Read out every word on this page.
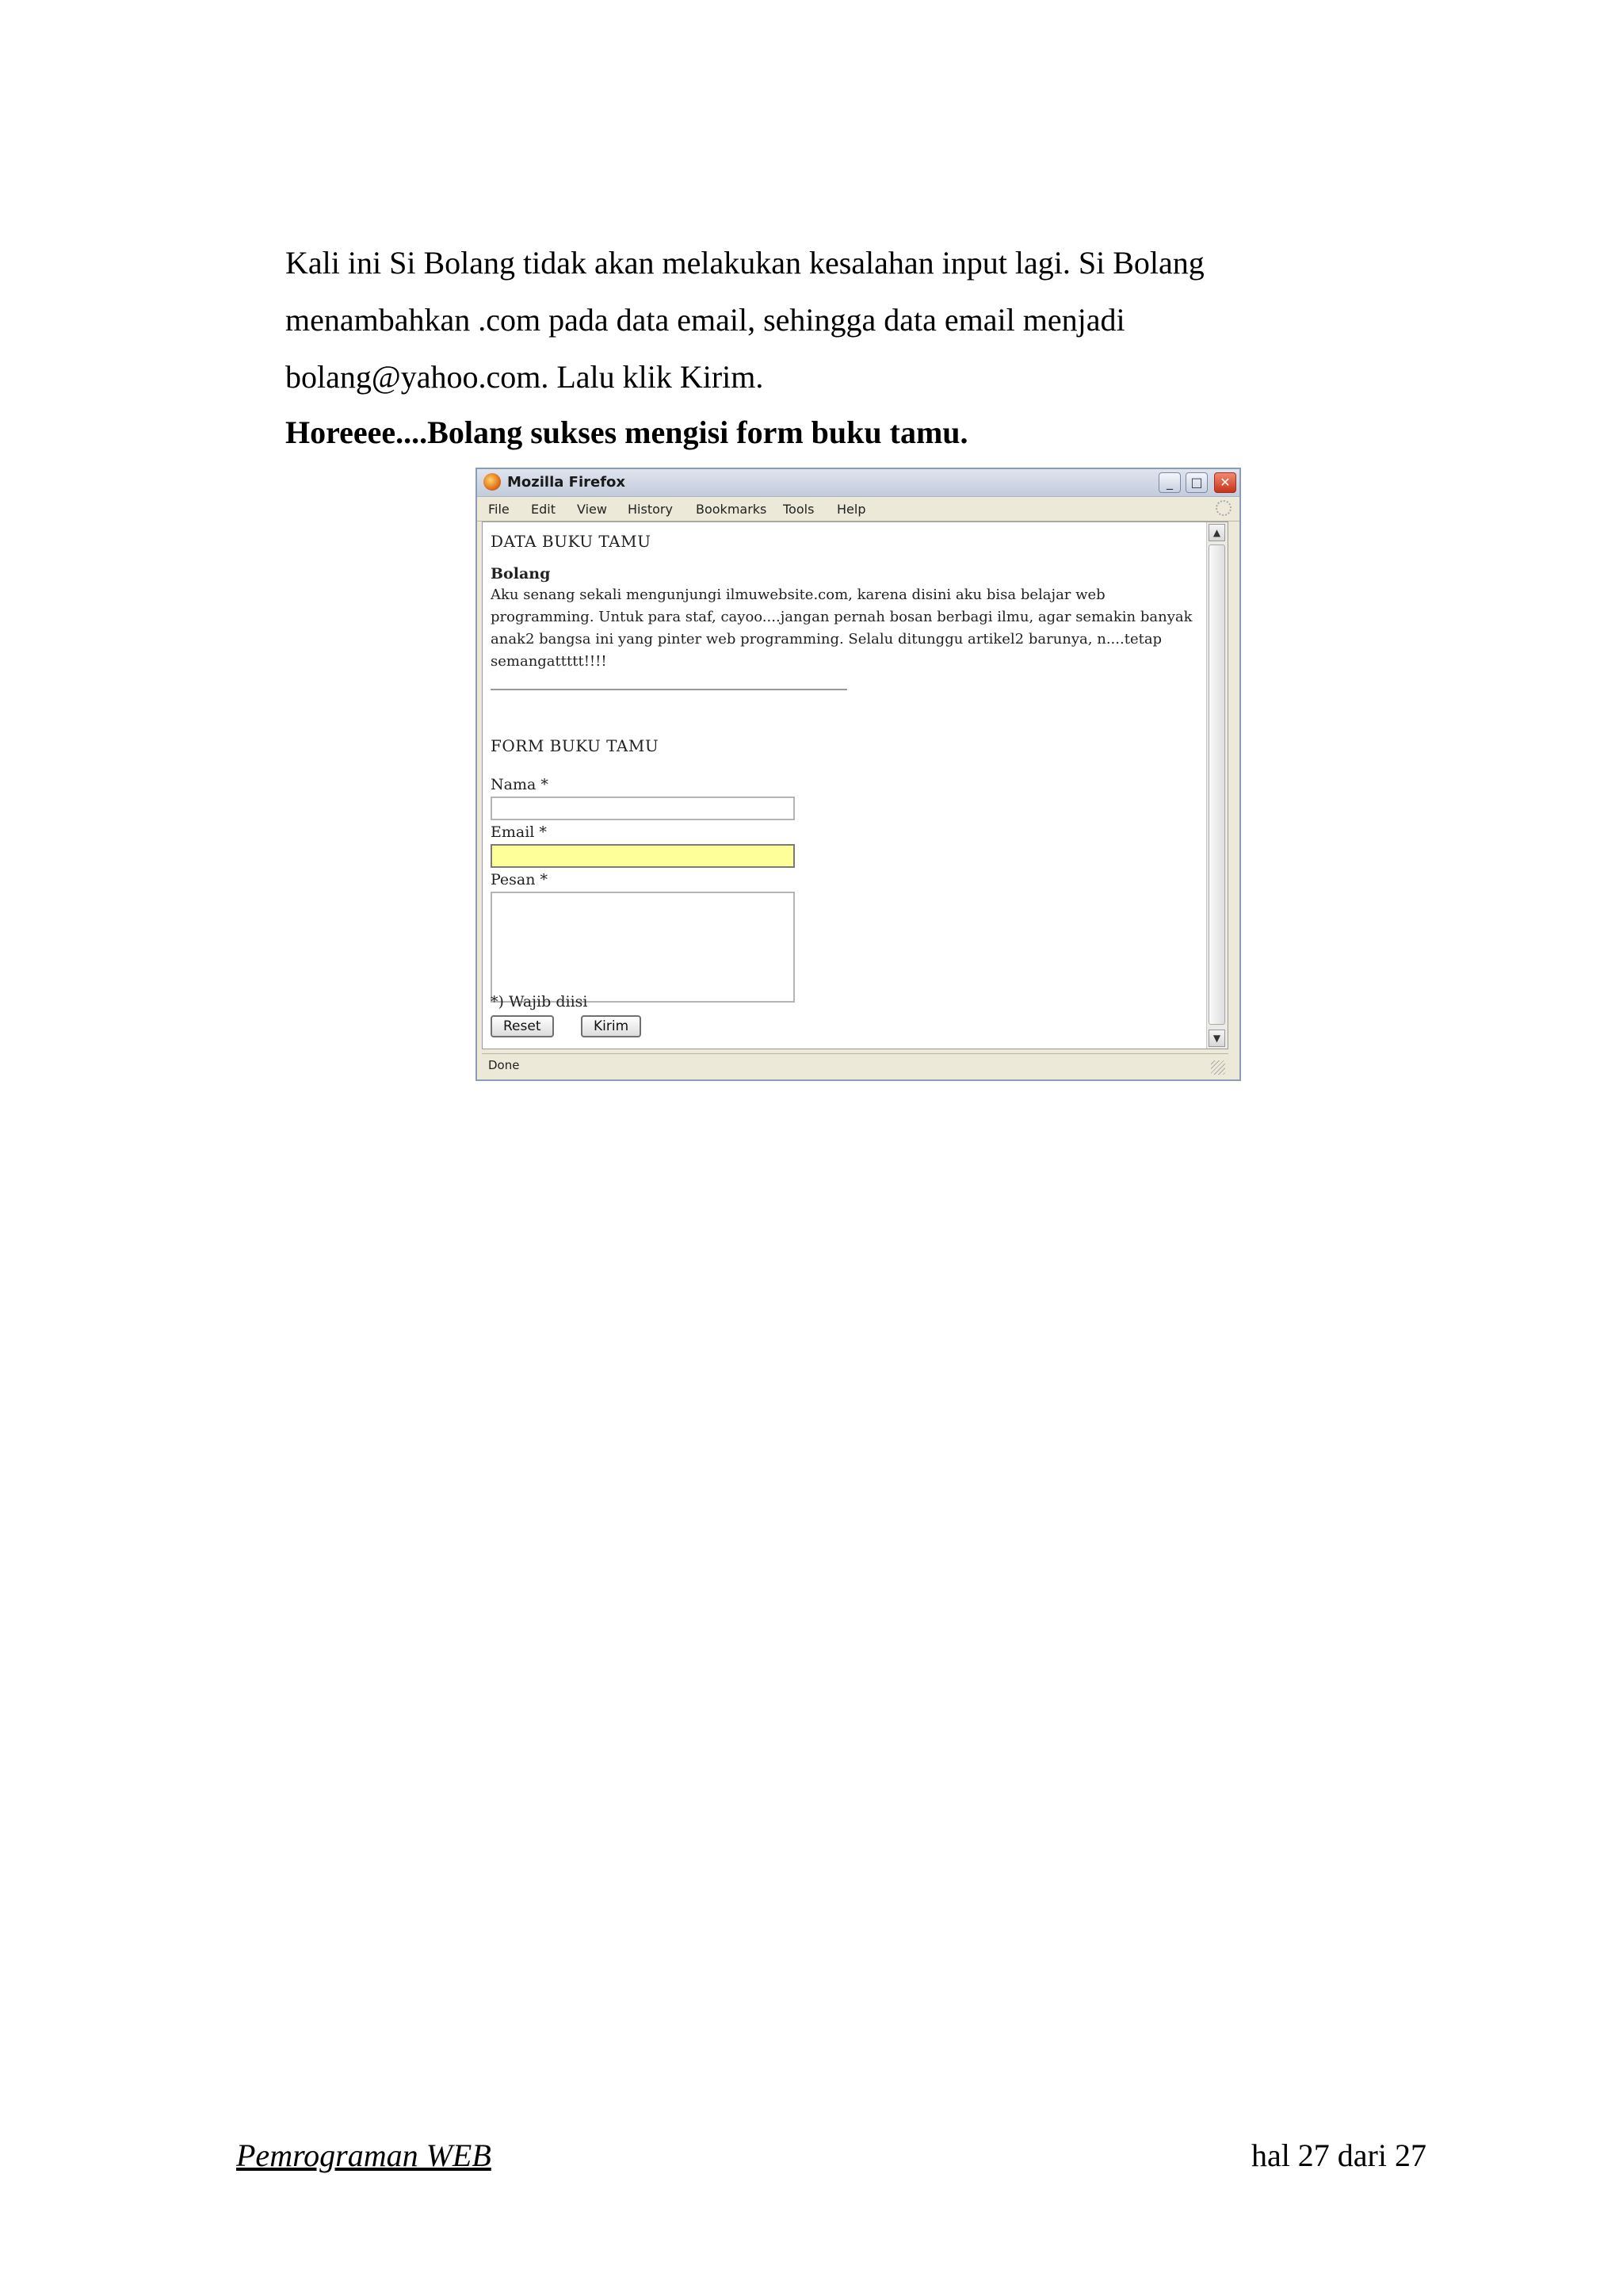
Kali ini Si Bolang tidak akan melakukan kesalahan input lagi. Si Bolang
menambahkan .com pada data email, sehingga data email menjadi
bolang@yahoo.com. Lalu klik Kirim.
Horeeee....Bolang sukses mengisi form buku tamu.
Mozilla Firefox	_	□	✕
File Edit View History Bookmarks Tools Help
DATA BUKU TAMU
Bolang
Aku senang sekali mengunjungi ilmuwebsite.com, karena disini aku bisa belajar web programming. Untuk para staf, cayoo....jangan pernah bosan berbagi ilmu, agar semakin banyak anak2 bangsa ini yang pinter web programming. Selalu ditunggu artikel2 barunya, n....tetap semangattttt!!!!
FORM BUKU TAMU
Nama *
Email *
Pesan *
*) Wajib diisi
Reset	Kirim
▲
▼
Done
Pemrograman WEB	hal 27 dari 27
